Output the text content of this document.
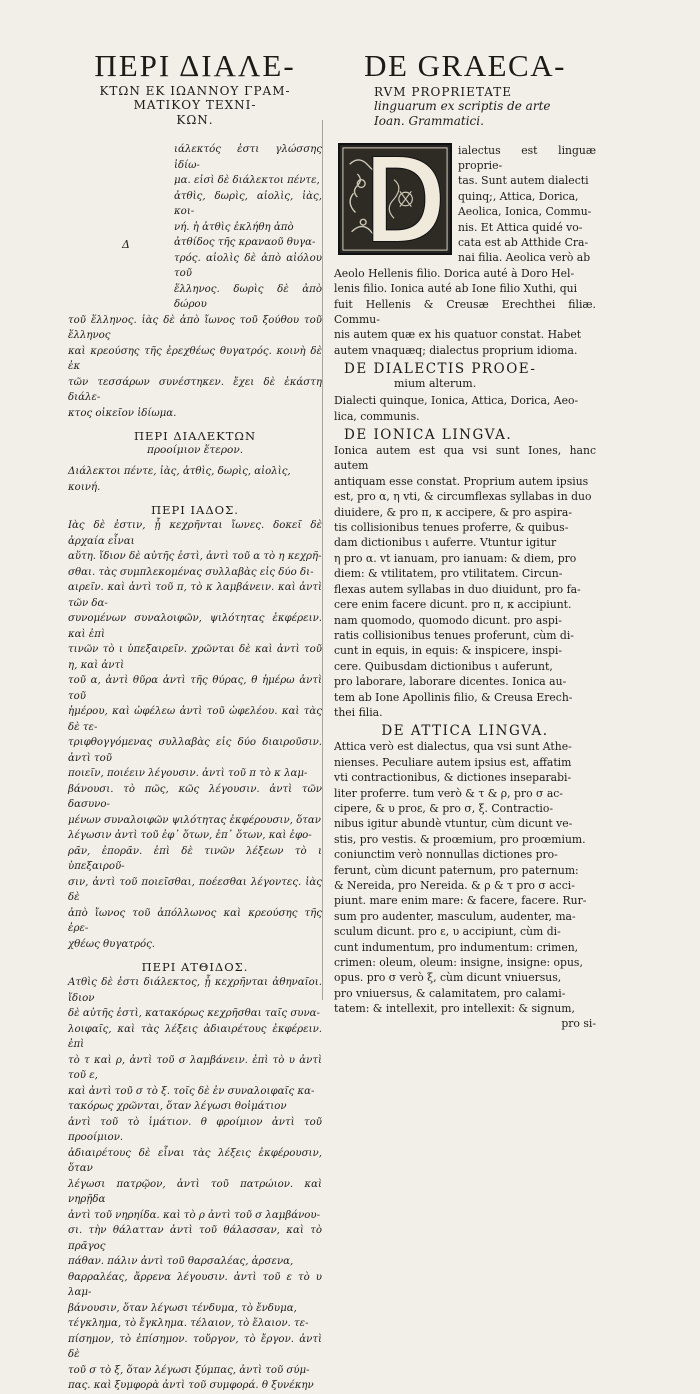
ΠΕΡΙ ΔΙΑΛΕ-
ΚΤΩΝ ΕΚ ΙΩΑΝΝΟΥ ΓΡΑΜ-
ΜΑΤΙΚΟΥ ΤΕΧΝΙ-
ΚΩΝ.
Δ

ιάλεκτός ἐστι γλώσσης ἰδίω-
μα. εἰσὶ δὲ διάλεκτοι πέντε,
ἀτθὶς, δωρὶς, αἰολὶς, ἰὰς, κοι-
νή. ἡ ἀτθὶς ἐκλήθη ἀπὸ
ἀτθίδος τῆς κραναοῦ θυγα-
τρός. αἰολὶς δὲ ἀπὸ αἰόλου τοῦ
ἕλληνος. δωρὶς δὲ ἀπὸ δώρου

τοῦ ἕλληνος. ἰὰς δὲ ἀπὸ ἴωνος τοῦ ξούθου τοῦ ἕλληνος
καὶ κρεούσης τῆς ἐρεχθέως θυγατρός. κοινὴ δὲ ἐκ
τῶν τεσσάρων συνέστηκεν. ἔχει δὲ ἑκάστη διάλε-
κτος οἰκεῖον ἰδίωμα.

ΠΕΡΙ ΔΙΑΛΕΚΤΩΝ
προοίμιον ἕτερον.

Διάλεκτοι πέντε, ἰὰς, ἀτθὶς, δωρὶς, αἰολὶς,
κοινή.

ΠΕΡΙ ΙΑΔΟΣ.

Ιὰς δὲ ἐστιν, ᾗ κεχρῆνται ἴωνες. δοκεῖ δὲ ἀρχαία εἶναι
αὕτη. ἴδιον δὲ αὐτῆς ἐστὶ, ἀντὶ τοῦ α τὸ η κεχρῆ-
σθαι. τὰς συμπλεκομένας συλλαβὰς εἰς δύο δι-
αιρεῖν. καὶ ἀντὶ τοῦ π, τὸ κ λαμβάνειν. καὶ ἀντὶ τῶν δα-
συνομένων συναλοιφῶν, ψιλότητας ἐκφέρειν. καὶ ἐπὶ
τινῶν τὸ ι ὑπεξαιρεῖν. χρῶνται δὲ καὶ ἀντὶ τοῦ η, καὶ ἀντὶ
τοῦ α, ἀντὶ θῦρα ἀντὶ τῆς θύρας, θ ἡμέρω ἀντὶ τοῦ
ἡμέρου, καὶ ὠφέλεω ἀντὶ τοῦ ὠφελέου. καὶ τὰς δὲ τε-
τριφθογγόμενας συλλαβὰς εἰς δύο διαιροῦσιν. ἀντὶ τοῦ
ποιεῖν, ποιέειν λέγουσιν. ἀντὶ τοῦ π τὸ κ λαμ-
βάνουσι. τὸ πῶς, κῶς λέγουσιν. ἀντὶ τῶν δασυνο-
μένων συναλοιφῶν ψιλότητας ἐκφέρουσιν, ὅταν
λέγωσιν ἀντὶ τοῦ ἐφ᾽ ὅτων, ἐπ᾽ ὅτων, καὶ ἐφο-
ρᾶν, ἐπορᾶν. ἐπὶ δὲ τινῶν λέξεων τὸ ι ὑπεξαιροῦ-
σιν, ἀντὶ τοῦ ποιεῖσθαι, ποέεσθαι λέγοντες. ἰὰς δὲ
ἀπὸ ἴωνος τοῦ ἀπόλλωνος καὶ κρεούσης τῆς ἐρε-
χθέως θυγατρός.

ΠΕΡΙ ΑΤΘΙΔΟΣ.

Ατθὶς δὲ ἐστι διάλεκτος, ᾗ κεχρῆνται ἀθηναῖοι. ἴδιον
δὲ αὐτῆς ἐστὶ, κατακόρως κεχρῆσθαι ταῖς συνα-
λοιφαῖς, καὶ τὰς λέξεις ἀδιαιρέτους ἐκφέρειν. ἐπὶ
τὸ τ καὶ ρ, ἀντὶ τοῦ σ λαμβάνειν. ἐπὶ τὸ υ ἀντὶ τοῦ ε,
καὶ ἀντὶ τοῦ σ τὸ ξ. τοῖς δὲ ἐν συναλοιφαῖς κα-
τακόρως χρῶνται, ὅταν λέγωσι θοἰμάτιον
ἀντὶ τοῦ τὸ ἱμάτιον. θ φροίμιον ἀντὶ τοῦ προοίμιον.
ἀδιαιρέτους δὲ εἶναι τὰς λέξεις ἐκφέρουσιν, ὅταν
λέγωσι πατρῷον, ἀντὶ τοῦ πατρώιον. καὶ νηρῇδα
ἀντὶ τοῦ νηρηίδα. καὶ τὸ ρ ἀντὶ τοῦ σ λαμβάνου-
σι. τὴν θάλατταν ἀντὶ τοῦ θάλασσαν, καὶ τὸ πρᾶγος
πάθαν. πάλιν ἀντὶ τοῦ θαρσαλέας, ἀρσενα,
θαρραλέας, ἄρρενα λέγουσιν. ἀντὶ τοῦ ε τὸ υ λαμ-
βάνουσιν, ὅταν λέγωσι τένδυμα, τὸ ἔνδυμα,
τέγκλημα, τὸ ἔγκλημα. τέλαιον, τὸ ἔλαιον. τε-
πίσημον, τὸ ἐπίσημον. τοὔργον, τὸ ἔργον. ἀντὶ δὲ
τοῦ σ τὸ ξ, ὅταν λέγωσι ξύμπας, ἀντὶ τοῦ σύμ-
πας. καὶ ξυμφορὰ ἀντὶ τοῦ συμφορά. θ ξυνέκην

DE GRAECA-
RVM PROPRIETATE
linguarum ex scriptis de arte
Ioan. Grammatici.

ialectus est linguæ proprie-
tas. Sunt autem dialecti
quinq;, Attica, Dorica,
Aeolica, Ionica, Commu-
nis. Et Attica quidé vo-
cata est ab Atthide Cra-
nai filia. Aeolica verò ab

Aeolo Hellenis filio. Dorica auté à Doro Hel-
lenis filio. Ionica auté ab Ione filio Xuthi, qui
fuit Hellenis & Creusæ Erechthei filiæ. Commu-
nis autem quæ ex his quatuor constat. Habet
autem vnaquæq; dialectus proprium idioma.

DE DIALECTIS PROOE-
mium alterum.

Dialecti quinque, Ionica, Attica, Dorica, Aeo-
lica, communis.

DE IONICA LINGVA.

Ionica autem est qua vsi sunt Iones, hanc autem
antiquam esse constat. Proprium autem ipsius
est, pro α, η vti, & circumflexas syllabas in duo
diuidere, & pro π, κ accipere, & pro aspira-
tis collisionibus tenues proferre, & quibus-
dam dictionibus ι auferre. Vtuntur igitur
η pro α. vt ianuam, pro ianuam: & diem, pro
diem: & vtilitatem, pro vtilitatem. Circun-
flexas autem syllabas in duo diuidunt, pro fa-
cere enim facere dicunt. pro π, κ accipiunt.
nam quomodo, quomodo dicunt. pro aspi-
ratis collisionibus tenues proferunt, cùm di-
cunt in equis, in equis: & inspicere, inspi-
cere. Quibusdam dictionibus ι auferunt,
pro laborare, laborare dicentes. Ionica au-
tem ab Ione Apollinis filio, & Creusa Erech-
thei filia.

DE ATTICA LINGVA.

Attica verò est dialectus, qua vsi sunt Athe-
nienses. Peculiare autem ipsius est, affatim
vti contractionibus, & dictiones inseparabi-
liter proferre. tum verò & τ & ρ, pro σ ac-
cipere, & υ proε, & pro σ, ξ. Contractio-
nibus igitur abundè vtuntur, cùm dicunt ve-
stis, pro vestis. & proœmium, pro proœmium.
coniunctim verò nonnullas dictiones pro-
ferunt, cùm dicunt paternum, pro paternum:
& Nereida, pro Nereida. & ρ & τ pro σ acci-
piunt. mare enim mare: & facere, facere. Rur-
sum pro audenter, masculum, audenter, ma-
sculum dicunt. pro ε, υ accipiunt, cùm di-
cunt indumentum, pro indumentum: crimen,
crimen: oleum, oleum: insigne, insigne: opus,
opus. pro σ verò ξ, cùm dicunt vniuersus,
pro vniuersus, & calamitatem, pro calami-
tatem: & intellexit, pro intellexit: & signum,

pro si-
